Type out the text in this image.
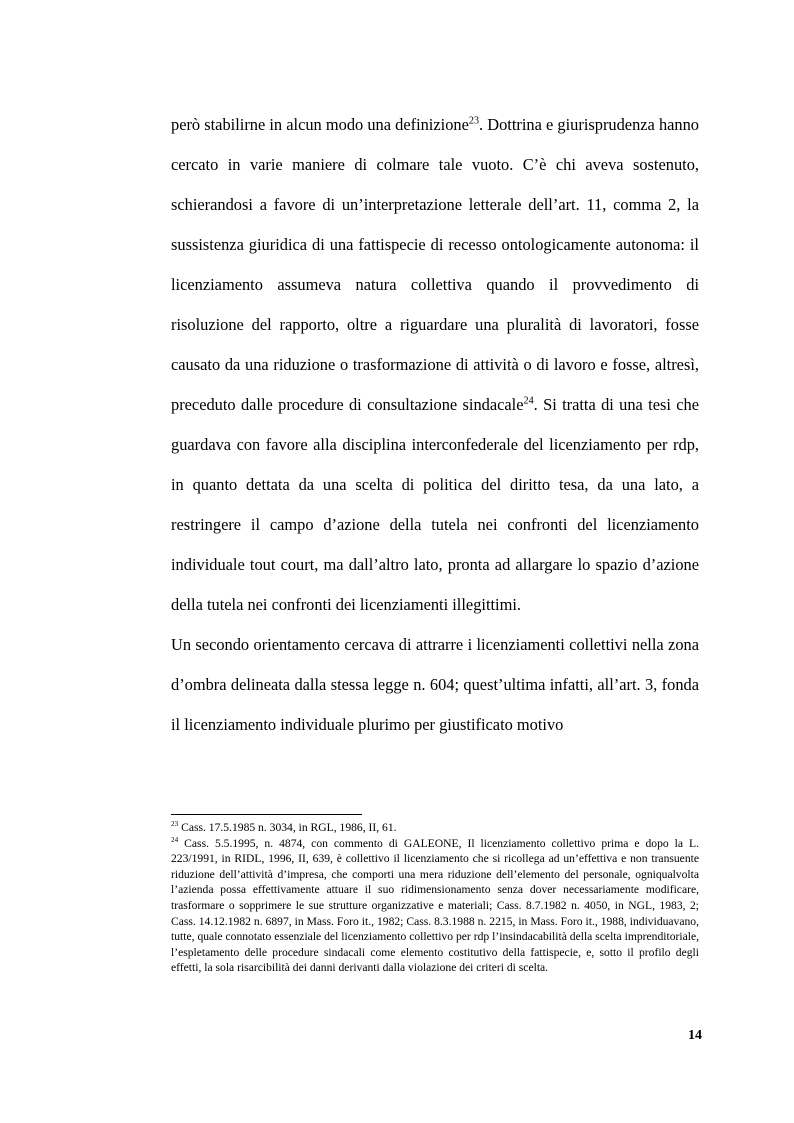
però stabilirne in alcun modo una definizione$^{23}$. Dottrina e giurisprudenza hanno cercato in varie maniere di colmare tale vuoto. C’è chi aveva sostenuto, schierandosi a favore di un’interpretazione letterale dell’art. 11, comma 2, la sussistenza giuridica di una fattispecie di recesso ontologicamente autonoma: il licenziamento assumeva natura collettiva quando il provvedimento di risoluzione del rapporto, oltre a riguardare una pluralità di lavoratori, fosse causato da una riduzione o trasformazione di attività o di lavoro e fosse, altresì, preceduto dalle procedure di consultazione sindacale$^{24}$. Si tratta di una tesi che guardava con favore alla disciplina interconfederale del licenziamento per rdp, in quanto dettata da una scelta di politica del diritto tesa, da una lato, a restringere il campo d’azione della tutela nei confronti del licenziamento individuale tout court, ma dall’altro lato, pronta ad allargare lo spazio d’azione della tutela nei confronti dei licenziamenti illegittimi.

Un secondo orientamento cercava di attrarre i licenziamenti collettivi nella zona d’ombra delineata dalla stessa legge n. 604; quest’ultima infatti, all’art. 3, fonda il licenziamento individuale plurimo per giustificato motivo

$^{23}$ Cass. 17.5.1985 n. 3034, in RGL, 1986, II, 61.

$^{24}$ Cass. 5.5.1995, n. 4874, con commento di GALEONE, Il licenziamento collettivo prima e dopo la L. 223/1991, in RIDL, 1996, II, 639, è collettivo il licenziamento che si ricollega ad un’effettiva e non transuente riduzione dell’attività d’impresa, che comporti una mera riduzione dell’elemento del personale, ogniqualvolta l’azienda possa effettivamente attuare il suo ridimensionamento senza dover necessariamente modificare, trasformare o sopprimere le sue strutture organizzative e materiali; Cass. 8.7.1982 n. 4050, in NGL, 1983, 2; Cass. 14.12.1982 n. 6897, in Mass. Foro it., 1982; Cass. 8.3.1988 n. 2215, in Mass. Foro it., 1988, individuavano, tutte, quale connotato essenziale del licenziamento collettivo per rdp l’insindacabilità della scelta imprenditoriale, l’espletamento delle procedure sindacali come elemento costitutivo della fattispecie, e, sotto il profilo degli effetti, la sola risarcibilità dei danni derivanti dalla violazione dei criteri di scelta.

14
